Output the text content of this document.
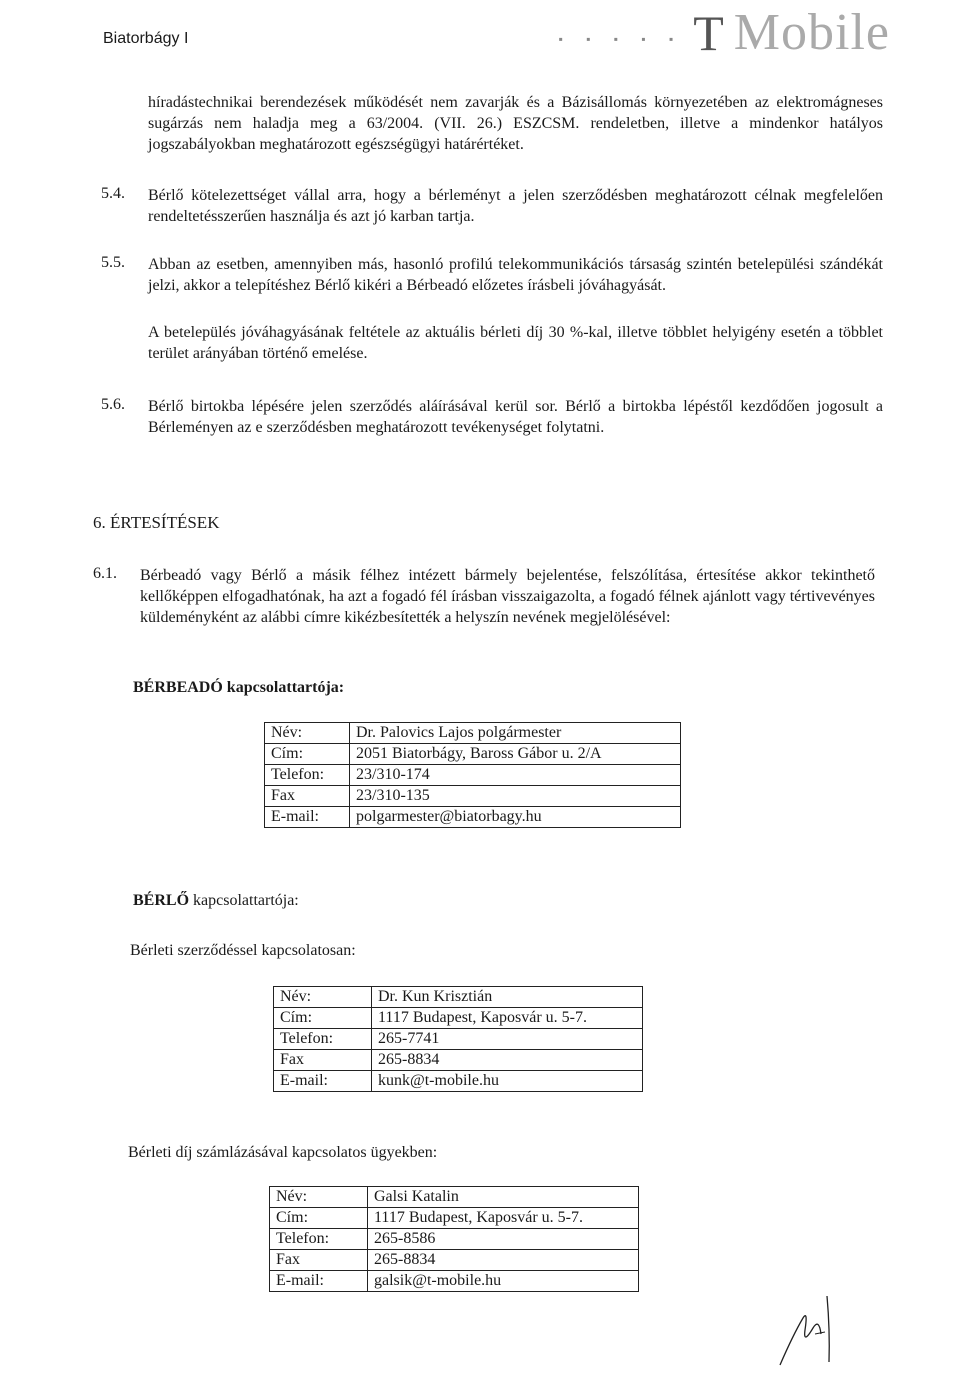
Biatorbágy I	▪ ▪ ▪ ▪ ▪ T Mobile
híradástechnikai berendezések működését nem zavarják és a Bázisállomás környezetében az elektromágneses sugárzás nem haladja meg a 63/2004. (VII. 26.) ESZCSM. rendeletben, illetve a mindenkor hatályos jogszabályokban meghatározott egészségügyi határértéket.
5.4. Bérlő kötelezettséget vállal arra, hogy a bérleményt a jelen szerződésben meghatározott célnak megfelelően rendeltetésszerűen használja és azt jó karban tartja.
5.5. Abban az esetben, amennyiben más, hasonló profilú telekommunikációs társaság szintén betelepülési szándékát jelzi, akkor a telepítéshez Bérlő kikéri a Bérbeadó előzetes írásbeli jóváhagyását.
A betelepülés jóváhagyásának feltétele az aktuális bérleti díj 30 %-kal, illetve többlet helyigény esetén a többlet terület arányában történő emelése.
5.6. Bérlő birtokba lépésére jelen szerződés aláírásával kerül sor. Bérlő a birtokba lépéstől kezdődően jogosult a Bérleményen az e szerződésben meghatározott tevékenységet folytatni.
6. ÉRTESÍTÉSEK
6.1. Bérbeadó vagy Bérlő a másik félhez intézett bármely bejelentése, felszólítása, értesítése akkor tekinthető kellőképpen elfogadhatónak, ha azt a fogadó fél írásban visszaigazolta, a fogadó félnek ajánlott vagy tértivevényes küldeményként az alábbi címre kikézbesítették a helyszín nevének megjelölésével:
BÉRBEADÓ kapcsolattartója:
Név:	Dr. Palovics Lajos polgármester
Cím:	2051 Biatorbágy, Baross Gábor u. 2/A
Telefon:	23/310-174
Fax	23/310-135
E-mail:	polgarmester@biatorbagy.hu
BÉRLŐ kapcsolattartója:
Bérleti szerződéssel kapcsolatosan:
Név:	Dr. Kun Krisztián
Cím:	1117 Budapest, Kaposvár u. 5-7.
Telefon:	265-7741
Fax	265-8834
E-mail:	kunk@t-mobile.hu
Bérleti díj számlázásával kapcsolatos ügyekben:
Név:	Galsi Katalin
Cím:	1117 Budapest, Kaposvár u. 5-7.
Telefon:	265-8586
Fax	265-8834
E-mail:	galsik@t-mobile.hu
